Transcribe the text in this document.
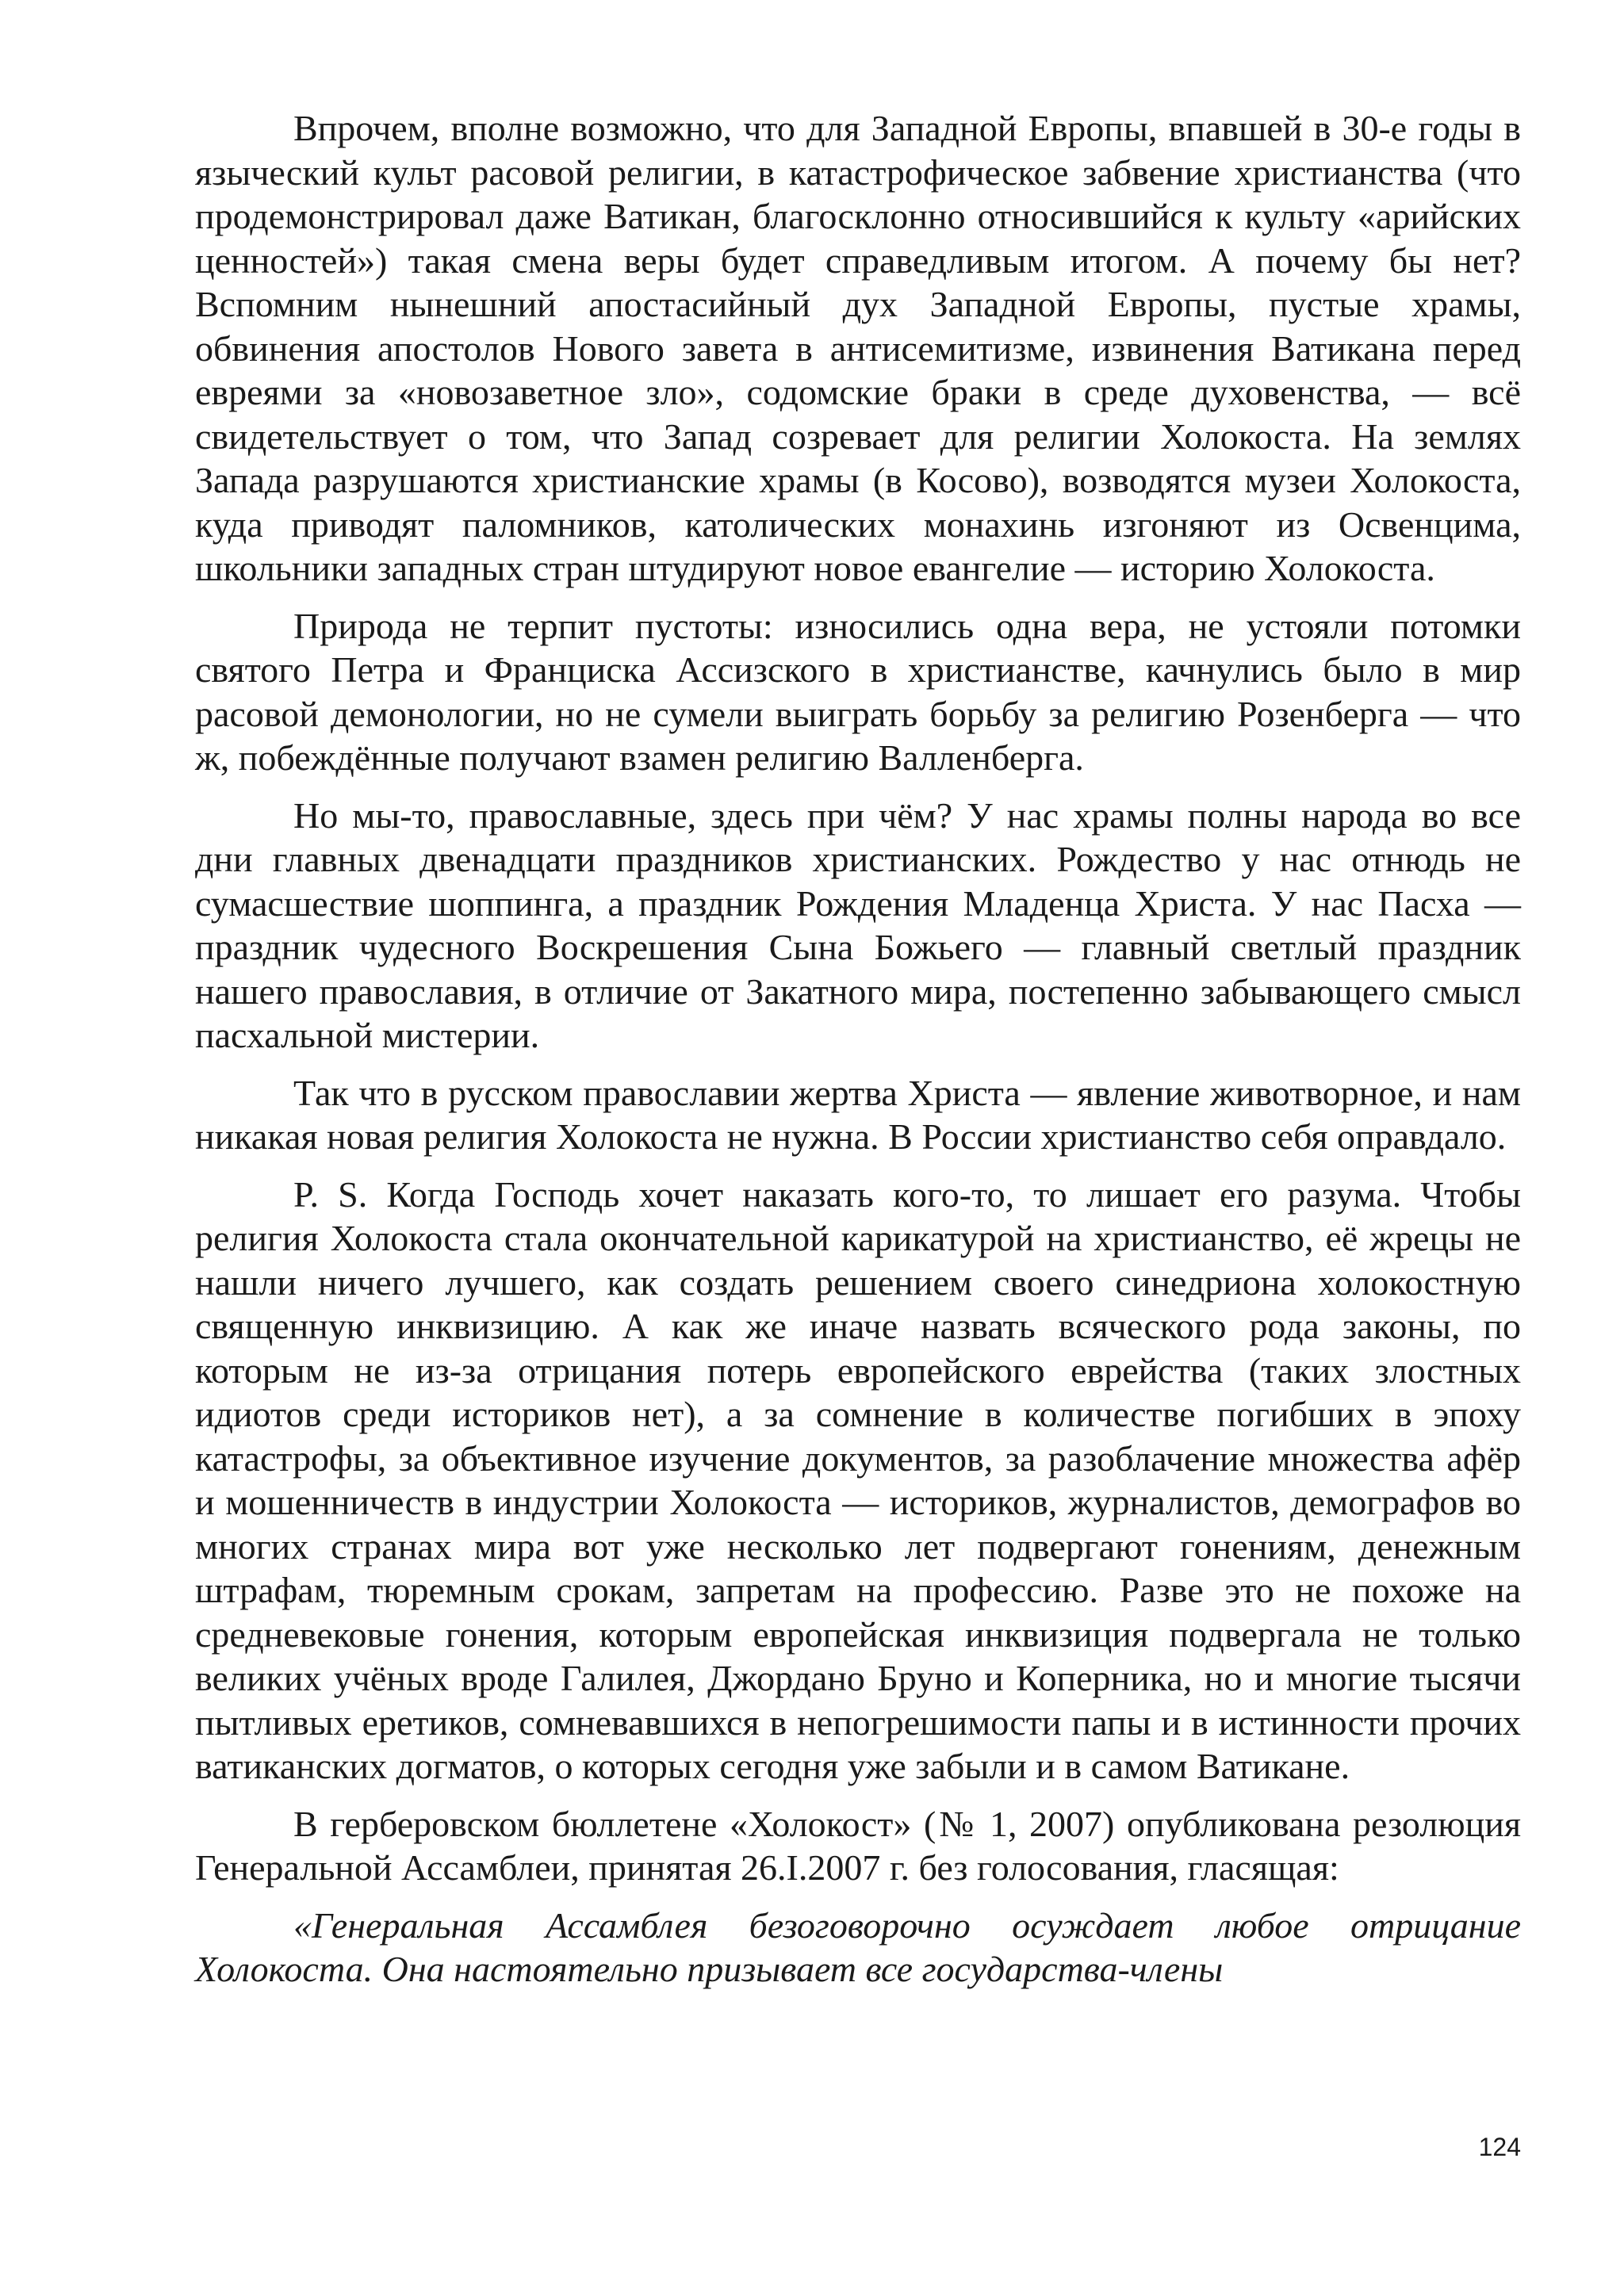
Впрочем, вполне возможно, что для Западной Европы, впавшей в 30-е годы в языческий культ расовой религии, в катастрофическое забвение христианства (что продемонстрировал даже Ватикан, благосклонно относившийся к культу «арийских ценностей») такая смена веры будет справедливым итогом. А почему бы нет? Вспомним нынешний апостасийный дух Западной Европы, пустые храмы, обвинения апостолов Нового завета в антисемитизме, извинения Ватикана перед евреями за «новозаветное зло», содомские браки в среде духовенства, — всё свидетельствует о том, что Запад созревает для религии Холокоста. На землях Запада разрушаются христианские храмы (в Косово), возводятся музеи Холокоста, куда приводят паломников, католических монахинь изгоняют из Освенцима, школьники западных стран штудируют новое евангелие — историю Холокоста.

Природа не терпит пустоты: износились одна вера, не устояли потомки святого Петра и Франциска Ассизского в христианстве, качнулись было в мир расовой демонологии, но не сумели выиграть борьбу за религию Розенберга — что ж, побеждённые получают взамен религию Валленберга.

Но мы-то, православные, здесь при чём? У нас храмы полны народа во все дни главных двенадцати праздников христианских. Рождество у нас отнюдь не сумасшествие шоппинга, а праздник Рождения Младенца Христа. У нас Пасха — праздник чудесного Воскрешения Сына Божьего — главный светлый праздник нашего православия, в отличие от Закатного мира, постепенно забывающего смысл пасхальной мистерии.

Так что в русском православии жертва Христа — явление животворное, и нам никакая новая религия Холокоста не нужна. В России христианство себя оправдало.

P. S. Когда Господь хочет наказать кого-то, то лишает его разума. Чтобы религия Холокоста стала окончательной карикатурой на христианство, её жрецы не нашли ничего лучшего, как создать решением своего синедриона холокостную священную инквизицию. А как же иначе назвать всяческого рода законы, по которым не из-за отрицания потерь европейского еврейства (таких злостных идиотов среди историков нет), а за сомнение в количестве погибших в эпоху катастрофы, за объективное изучение документов, за разоблачение множества афёр и мошенничеств в индустрии Холокоста — историков, журналистов, демографов во многих странах мира вот уже несколько лет подвергают гонениям, денежным штрафам, тюремным срокам, запретам на профессию. Разве это не похоже на средневековые гонения, которым европейская инквизиция подвергала не только великих учёных вроде Галилея, Джордано Бруно и Коперника, но и многие тысячи пытливых еретиков, сомневавшихся в непогрешимости папы и в истинности прочих ватиканских догматов, о которых сегодня уже забыли и в самом Ватикане.

В герберовском бюллетене «Холокост» (№ 1, 2007) опубликована резолюция Генеральной Ассамблеи, принятая 26.I.2007 г. без голосования, гласящая:

«Генеральная Ассамблея безоговорочно осуждает любое отрицание Холокоста. Она настоятельно призывает все государства-члены

124
